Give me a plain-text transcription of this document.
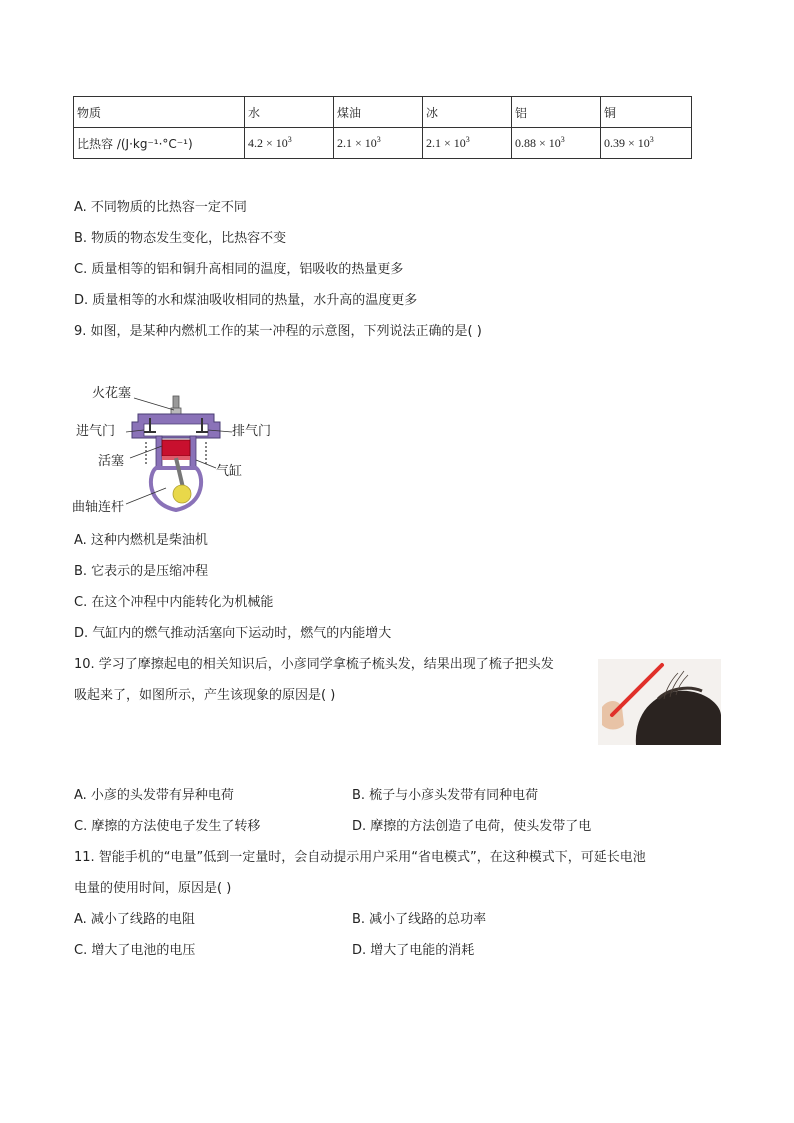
物质	水	煤油	冰	铝	铜
比热容 /(J·kg⁻¹·°C⁻¹)	$4.2 \times 10^3$	$2.1 \times 10^3$	$2.1 \times 10^3$	$0.88 \times 10^3$	$0.39 \times 10^3$
A. 不同物质的比热容一定不同
B. 物质的物态发生变化，比热容不变
C. 质量相等的铝和铜升高相同的温度，铝吸收的热量更多
D. 质量相等的水和煤油吸收相同的热量，水升高的温度更多
9. 如图，是某种内燃机工作的某一冲程的示意图，下列说法正确的是( )
火花塞
进气门	排气门
活塞
气缸
曲轴连杆
A. 这种内燃机是柴油机
B. 它表示的是压缩冲程
C. 在这个冲程中内能转化为机械能
D. 气缸内的燃气推动活塞向下运动时，燃气的内能增大
10. 学习了摩擦起电的相关知识后，小彦同学拿梳子梳头发，结果出现了梳子把头发
吸起来了，如图所示，产生该现象的原因是( )
A. 小彦的头发带有异种电荷	B. 梳子与小彦头发带有同种电荷
C. 摩擦的方法使电子发生了转移	D. 摩擦的方法创造了电荷，使头发带了电
11. 智能手机的“电量”低到一定量时，会自动提示用户采用“省电模式”，在这种模式下，可延长电池
电量的使用时间，原因是( )
A. 减小了线路的电阻	B. 减小了线路的总功率
C. 增大了电池的电压	D. 增大了电能的消耗
